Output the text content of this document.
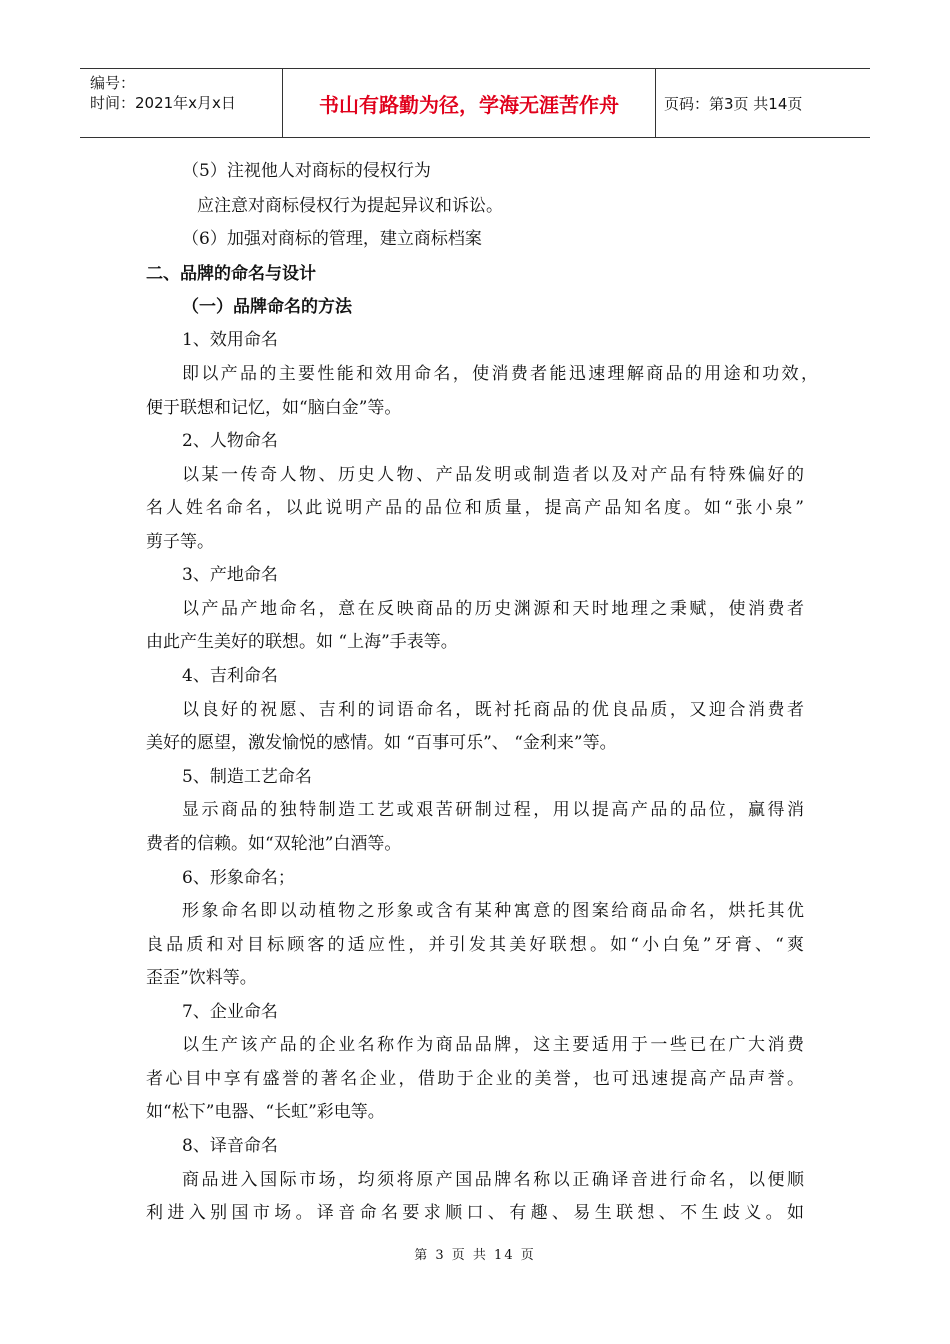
编号：
时间：2021年x月x日	书山有路勤为径，学海无涯苦作舟	页码：第3页 共14页
（5）注视他人对商标的侵权行为
应注意对商标侵权行为提起异议和诉讼。
（6）加强对商标的管理，建立商标档案
二、品牌的命名与设计
（一）品牌命名的方法
1、效用命名
即以产品的主要性能和效用命名，使消费者能迅速理解商品的用途和功效，
便于联想和记忆，如“脑白金”等。
2、人物命名
以某一传奇人物、历史人物、产品发明或制造者以及对产品有特殊偏好的
名人姓名命名，以此说明产品的品位和质量，提高产品知名度。如“张小泉”
剪子等。
3、产地命名
以产品产地命名，意在反映商品的历史渊源和天时地理之秉赋，使消费者
由此产生美好的联想。如 “上海”手表等。
4、吉利命名
以良好的祝愿、吉利的词语命名，既衬托商品的优良品质，又迎合消费者
美好的愿望，激发愉悦的感情。如 “百事可乐”、 “金利来”等。
5、制造工艺命名
显示商品的独特制造工艺或艰苦研制过程，用以提高产品的品位，赢得消
费者的信赖。如“双轮池”白酒等。
6、形象命名；
形象命名即以动植物之形象或含有某种寓意的图案给商品命名，烘托其优
良品质和对目标顾客的适应性，并引发其美好联想。如“小白兔”牙膏、“爽
歪歪”饮料等。
7、企业命名
以生产该产品的企业名称作为商品品牌，这主要适用于一些已在广大消费
者心目中享有盛誉的著名企业，借助于企业的美誉，也可迅速提高产品声誉。
如“松下”电器、“长虹”彩电等。
8、译音命名
商品进入国际市场，均须将原产国品牌名称以正确译音进行命名，以便顺
利进入别国市场。译音命名要求顺口、有趣、易生联想、不生歧义。如
第 3 页 共 14 页
